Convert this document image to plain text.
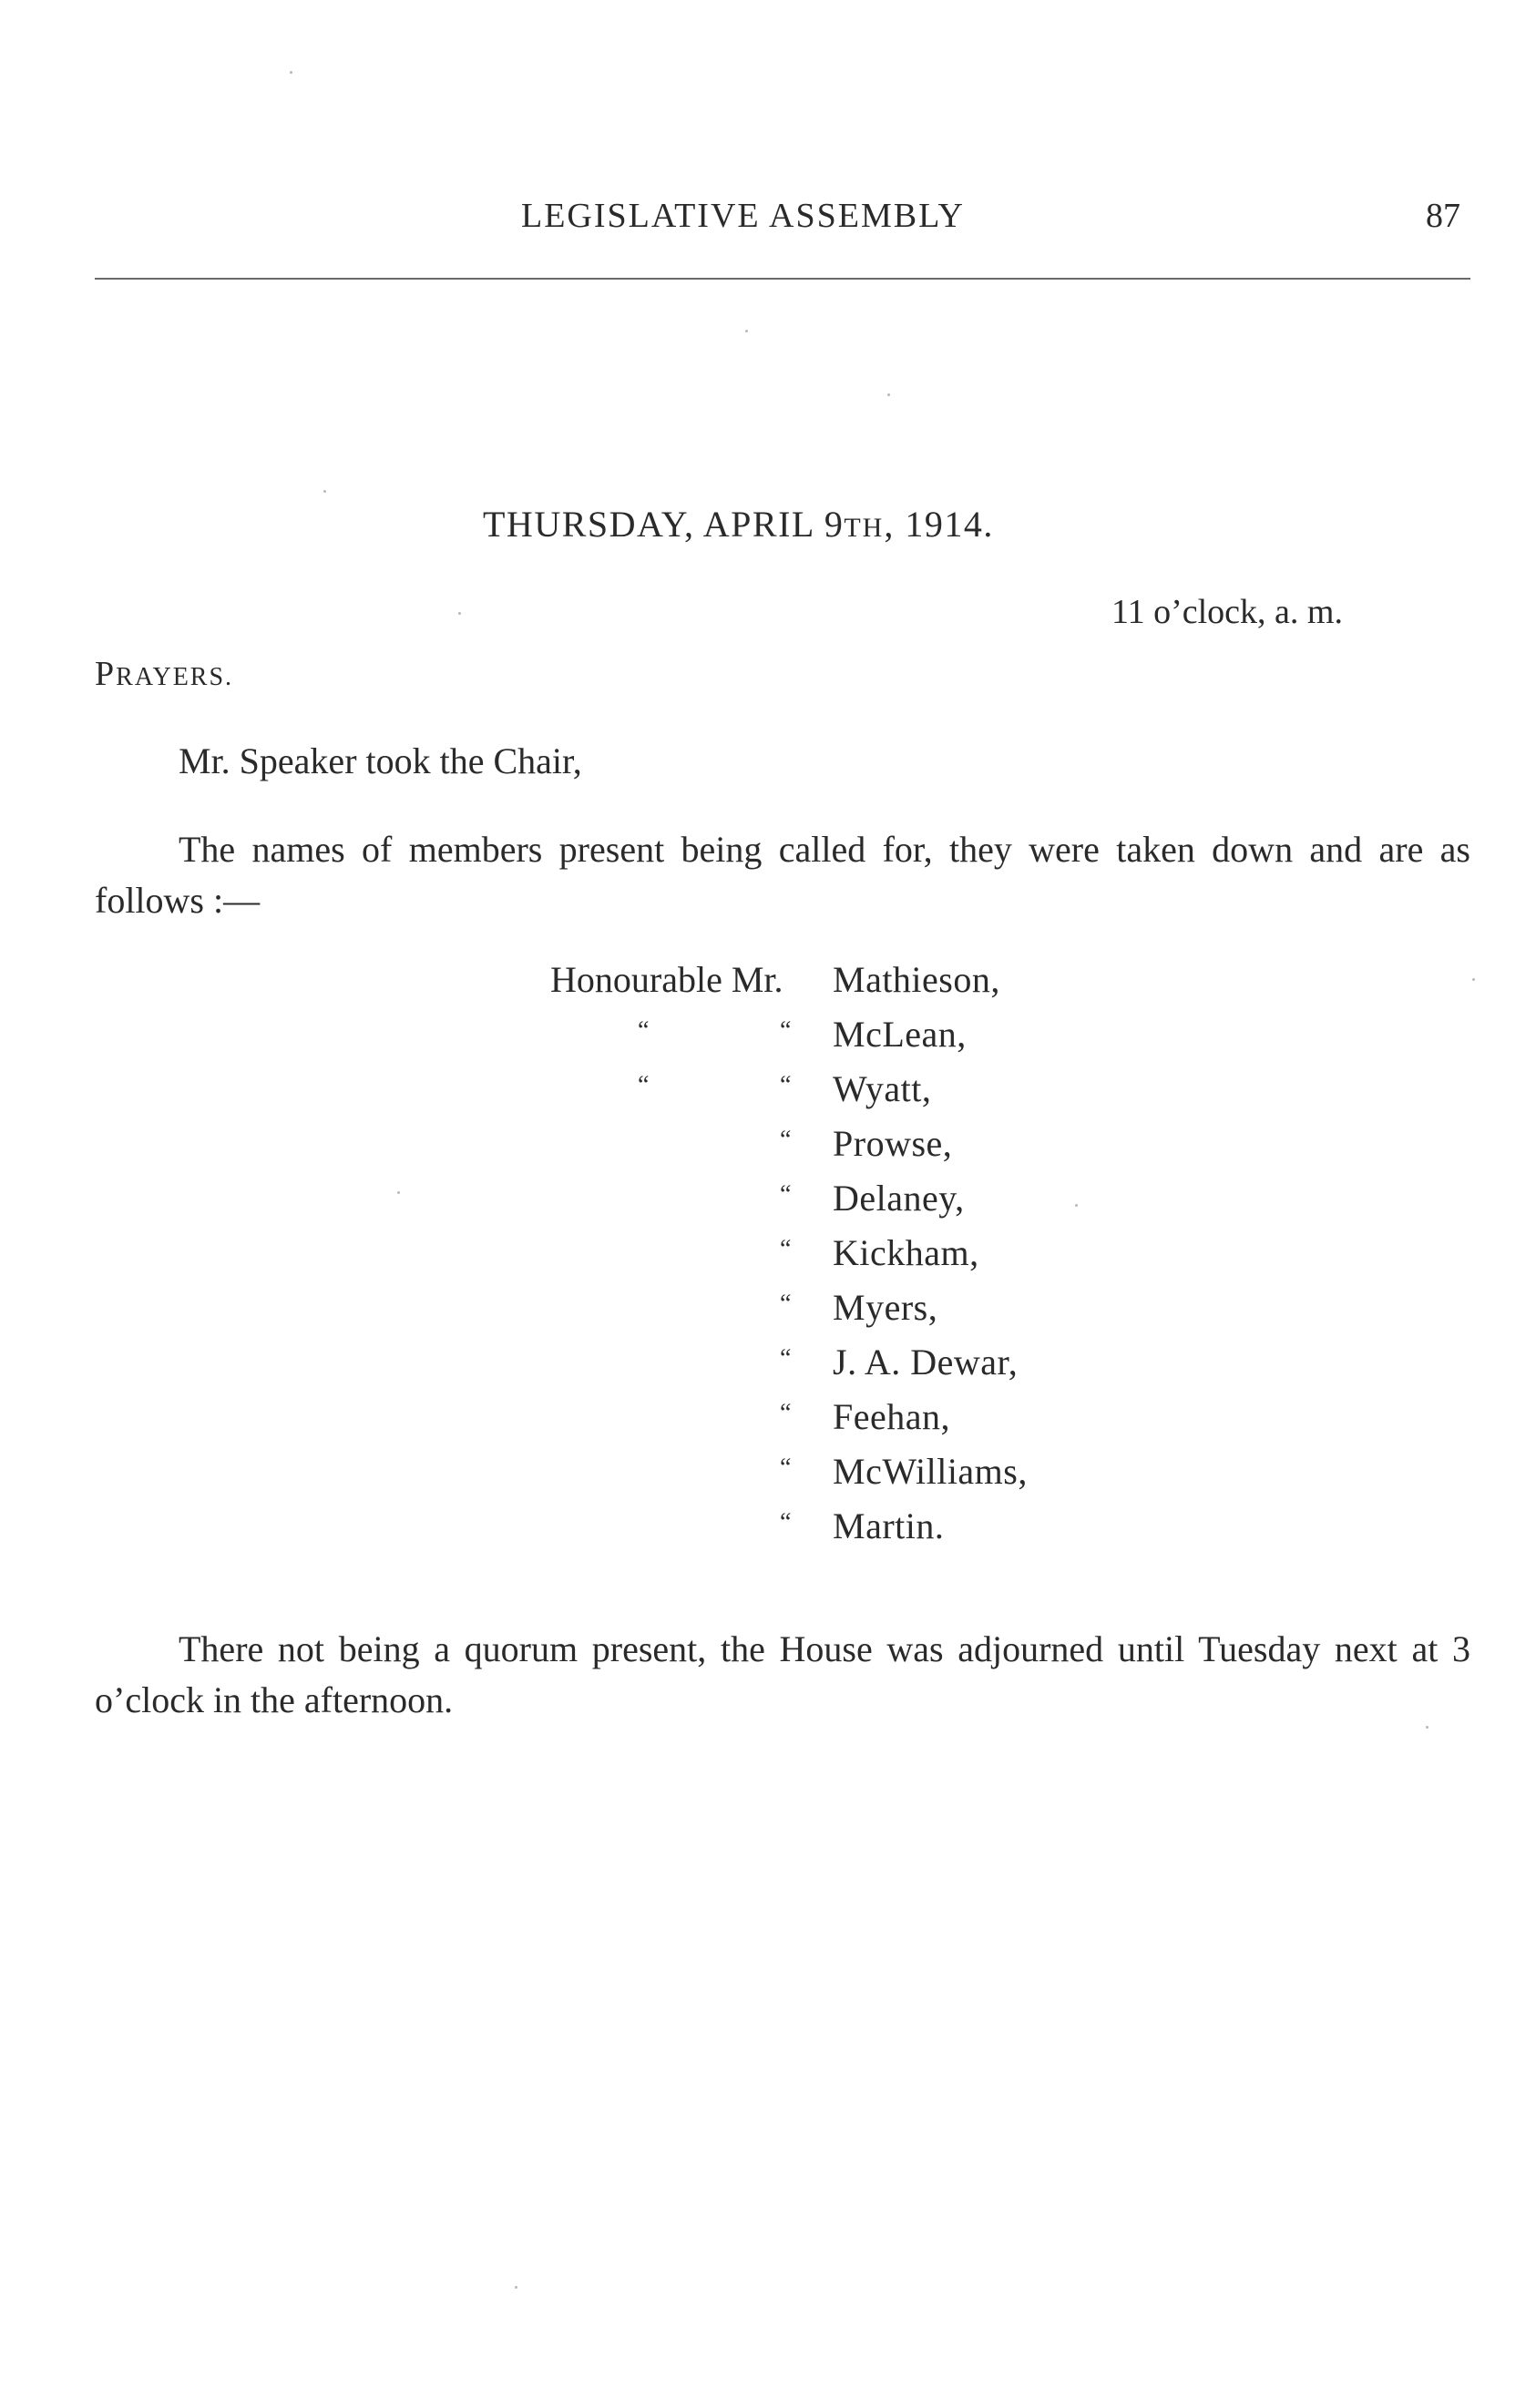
LEGISLATIVE ASSEMBLY	87
THURSDAY, APRIL 9TH, 1914.
11 o’clock, a. m.
PRAYERS.
Mr. Speaker took the Chair,
The names of members present being called for, they were taken down and are as follows :—
Honourable Mr. Mathieson,
“	“ McLean,
“	“ Wyatt,
“ Prowse,
“ Delaney,
“ Kickham,
“ Myers,
“ J. A. Dewar,
“ Feehan,
“ McWilliams,
“ Martin.
There not being a quorum present, the House was adjourned until Tuesday next at 3 o’clock in the afternoon.
